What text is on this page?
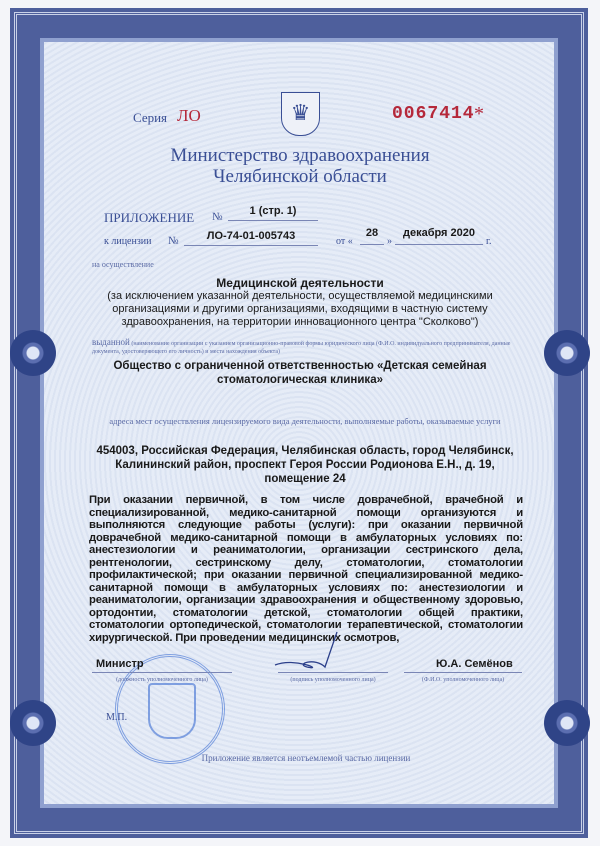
Серия ЛО	♛	0067414 *
Министерство здравоохранения
Челябинской области
ПРИЛОЖЕНИЕ №	1 (стр. 1)
к лицензии №	ЛО-74-01-005743	от «
28
»
декабря 2020
г.
на осуществление
Медицинской деятельности
(за исключением указанной деятельности, осуществляемой медицинскими организациями и другими организациями, входящими в частную систему здравоохранения, на территории инновационного центра "Сколково")
выданной (наименование организации с указанием организационно-правовой формы юридического лица (Ф.И.О. индивидуального предпринимателя, данные документа, удостоверяющего его личность) и места нахождения объекта)
Общество с ограниченной ответственностью «Детская семейная стоматологическая клиника»
адреса мест осуществления лицензируемого вида деятельности, выполняемые работы, оказываемые услуги
454003, Российская Федерация, Челябинская область, город Челябинск, Калининский район, проспект Героя России Родионова Е.Н., д. 19, помещение 24
При оказании первичной, в том числе доврачебной, врачебной и специализированной, медико-санитарной помощи организуются и выполняются следующие работы (услуги): при оказании первичной доврачебной медико-санитарной помощи в амбулаторных условиях по: анестезиологии и реаниматологии, организации сестринского дела, рентгенологии, сестринскому делу, стоматологии, стоматологии профилактической; при оказании первичной специализированной медико-санитарной помощи в амбулаторных условиях по: анестезиологии и реаниматологии, организации здравоохранения и общественному здоровью, ортодонтии, стоматологии детской, стоматологии общей практики, стоматологии ортопедической, стоматологии терапевтической, стоматологии хирургической. При проведении медицинских осмотров,
Министр
(должность уполномоченного лица)	(подпись уполномоченного лица)
Ю.А. Семёнов
(Ф.И.О. уполномоченного лица)
М.П.
Приложение является неотъемлемой частью лицензии
